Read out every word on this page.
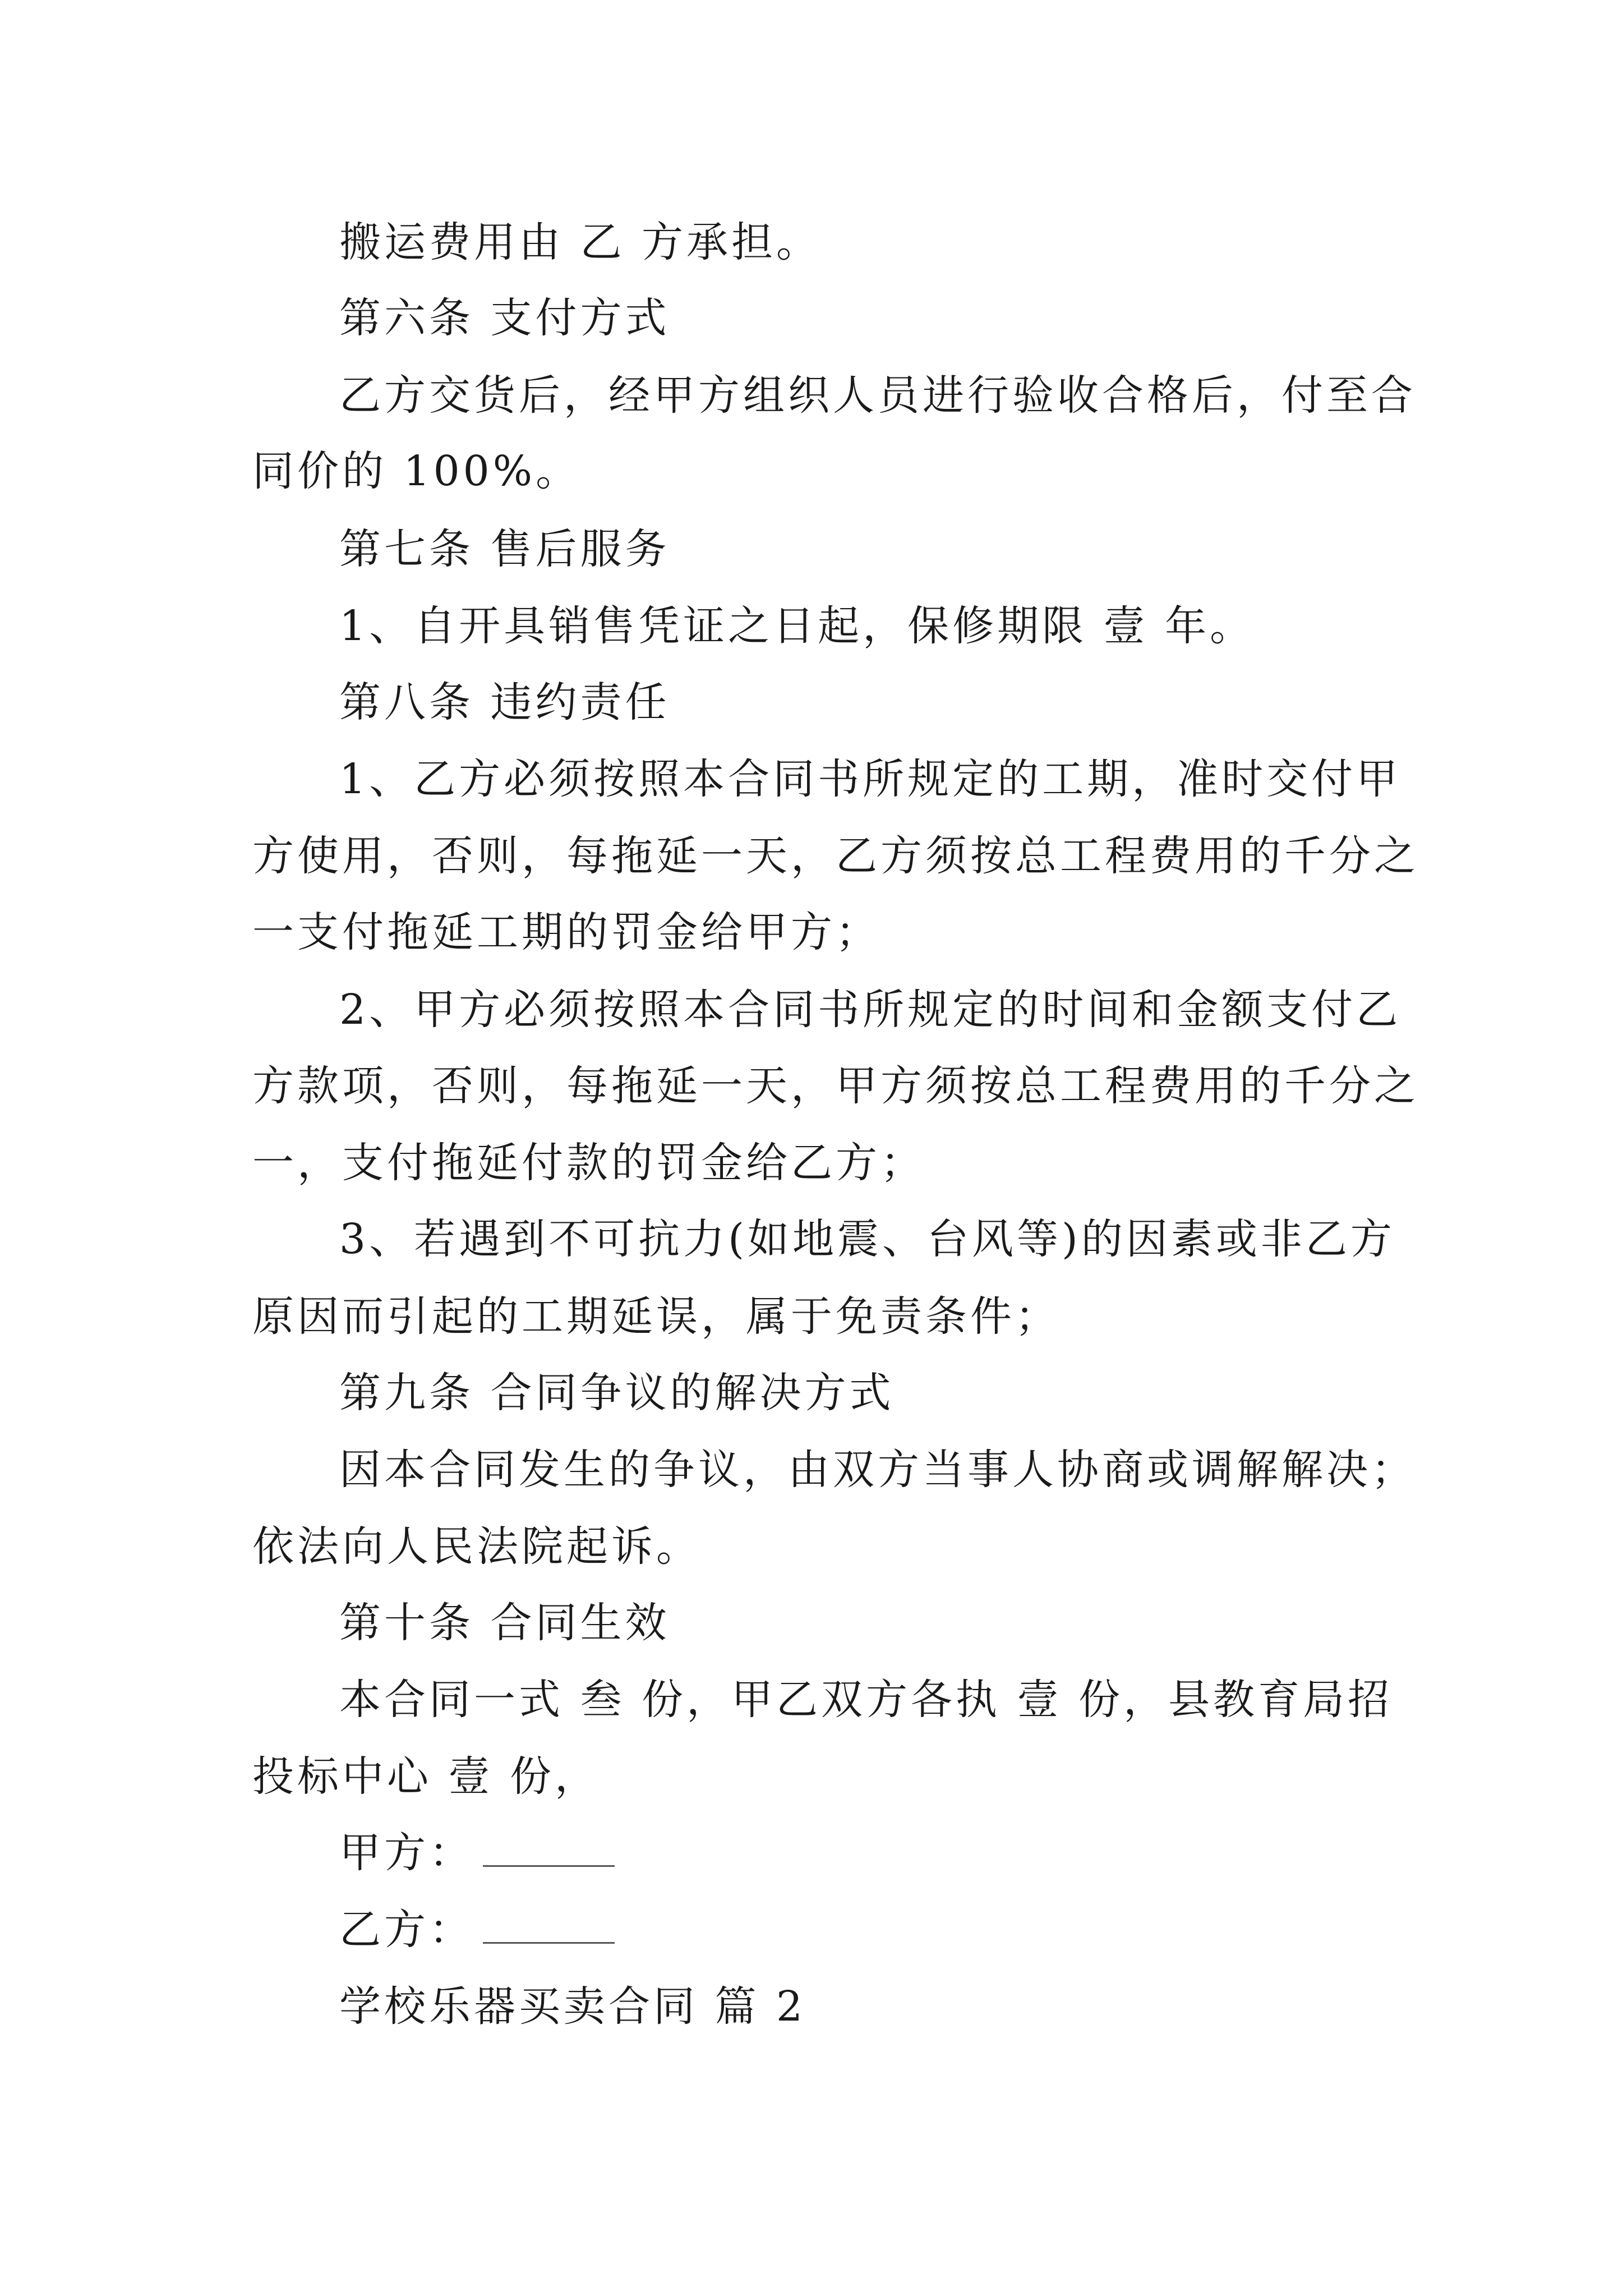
搬运费用由 乙 方承担。
第六条 支付方式
乙方交货后，经甲方组织人员进行验收合格后，付至合
同价的 100%。
第七条 售后服务
1、自开具销售凭证之日起，保修期限 壹 年。
第八条 违约责任
1、乙方必须按照本合同书所规定的工期，准时交付甲
方使用，否则，每拖延一天，乙方须按总工程费用的千分之
一支付拖延工期的罚金给甲方；
2、甲方必须按照本合同书所规定的时间和金额支付乙
方款项，否则，每拖延一天，甲方须按总工程费用的千分之
一，支付拖延付款的罚金给乙方；
3、若遇到不可抗力(如地震、台风等)的因素或非乙方
原因而引起的工期延误，属于免责条件；
第九条 合同争议的解决方式
因本合同发生的争议，由双方当事人协商或调解解决；
依法向人民法院起诉。
第十条 合同生效
本合同一式 叁 份，甲乙双方各执 壹 份，县教育局招
投标中心 壹 份，
甲方：
乙方：
学校乐器买卖合同 篇 2
